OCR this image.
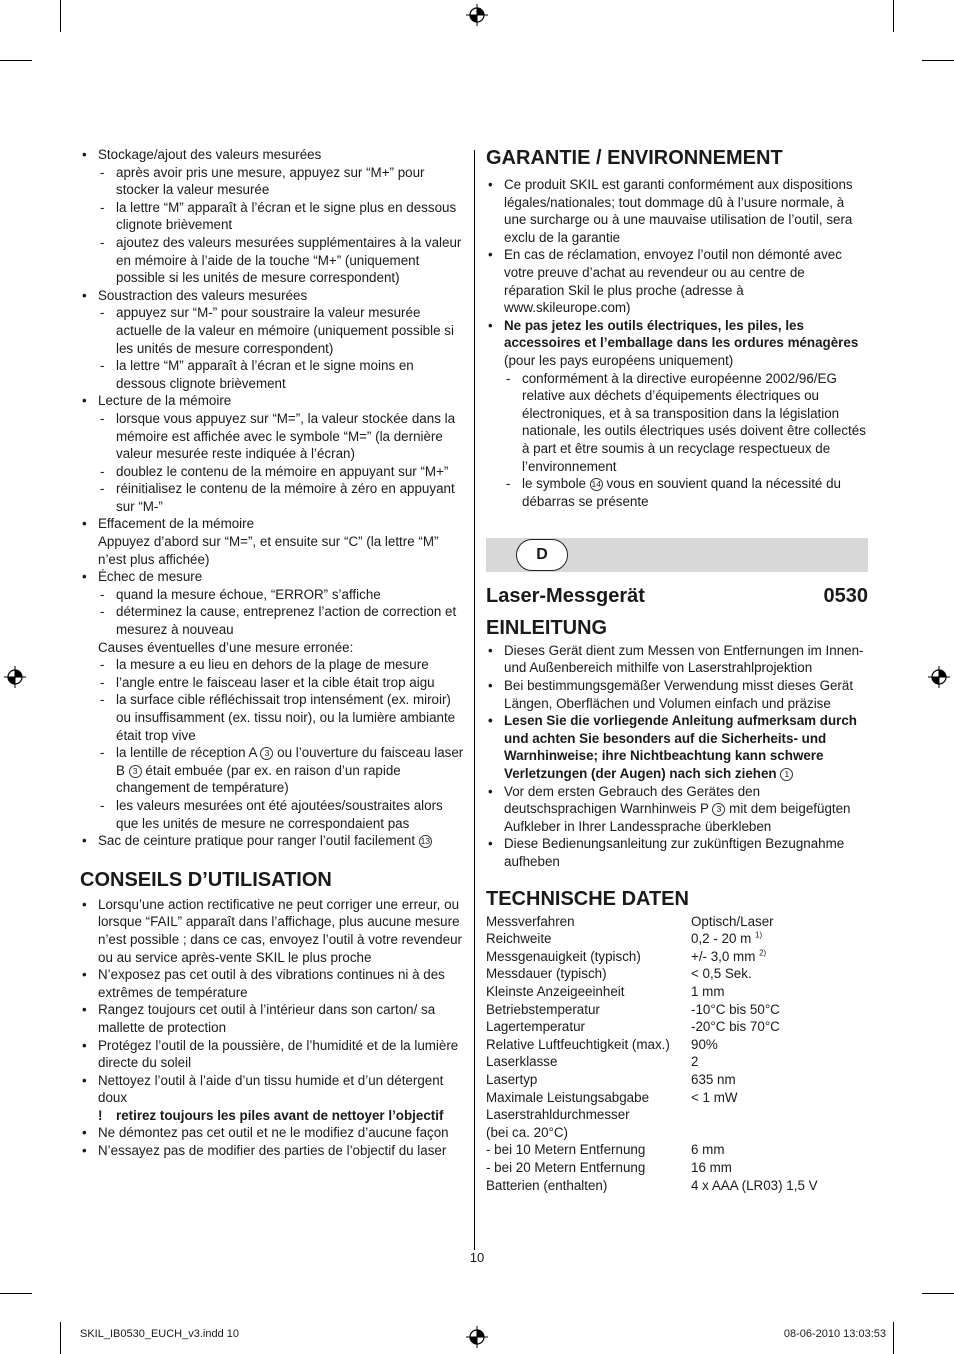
• Stockage/ajout des valeurs mesurées
- après avoir pris une mesure, appuyez sur “M+” pour stocker la valeur mesurée
- la lettre “M” apparaît à l’écran et le signe plus en dessous clignote brièvement
- ajoutez des valeurs mesurées supplémentaires à la valeur en mémoire à l’aide de la touche “M+” (uniquement possible si les unités de mesure correspondent)
• Soustraction des valeurs mesurées
- appuyez sur “M-” pour soustraire la valeur mesurée actuelle de la valeur en mémoire (uniquement possible si les unités de mesure correspondent)
- la lettre “M” apparaît à l’écran et le signe moins en dessous clignote brièvement
• Lecture de la mémoire
- lorsque vous appuyez sur “M=”, la valeur stockée dans la mémoire est affichée avec le symbole “M=” (la dernière valeur mesurée reste indiquée à l’écran)
- doublez le contenu de la mémoire en appuyant sur “M+”
- réinitialisez le contenu de la mémoire à zéro en appuyant sur “M-”
• Effacement de la mémoire
Appuyez d’abord sur “M=”, et ensuite sur “C” (la lettre “M” n’est plus affichée)
• Échec de mesure
- quand la mesure échoue, “ERROR” s’affiche
- déterminez la cause, entreprenez l’action de correction et mesurez à nouveau
Causes éventuelles d’une mesure erronée:
- la mesure a eu lieu en dehors de la plage de mesure
- l’angle entre le faisceau laser et la cible était trop aigu
- la surface cible réfléchissait trop intensément (ex. miroir) ou insuffisamment (ex. tissu noir), ou la lumière ambiante était trop vive
- la lentille de réception A 3 ou l’ouverture du faisceau laser B 3 était embuée (par ex. en raison d’un rapide changement de température)
- les valeurs mesurées ont été ajoutées/soustraites alors que les unités de mesure ne correspondaient pas
• Sac de ceinture pratique pour ranger l’outil facilement 13
CONSEILS D’UTILISATION
• Lorsqu’une action rectificative ne peut corriger une erreur, ou lorsque “FAIL” apparaît dans l’affichage, plus aucune mesure n’est possible ; dans ce cas, envoyez l’outil à votre revendeur ou au service après-vente SKIL le plus proche
• N’exposez pas cet outil à des vibrations continues ni à des extrêmes de température
• Rangez toujours cet outil à l’intérieur dans son carton/ sa mallette de protection
• Protégez l’outil de la poussière, de l’humidité et de la lumière directe du soleil
• Nettoyez l’outil à l’aide d’un tissu humide et d’un détergent doux
! retirez toujours les piles avant de nettoyer l’objectif
• Ne démontez pas cet outil et ne le modifiez d’aucune façon
• N’essayez pas de modifier des parties de l’objectif du laser
GARANTIE / ENVIRONNEMENT
• Ce produit SKIL est garanti conformément aux dispositions légales/nationales; tout dommage dû à l’usure normale, à une surcharge ou à une mauvaise utilisation de l’outil, sera exclu de la garantie
• En cas de réclamation, envoyez l’outil non démonté avec votre preuve d’achat au revendeur ou au centre de réparation Skil le plus proche (adresse à www.skileurope.com)
• Ne pas jetez les outils électriques, les piles, les accessoires et l’emballage dans les ordures ménagères (pour les pays européens uniquement)
- conformément à la directive européenne 2002/96/EG relative aux déchets d’équipements électriques ou électroniques, et à sa transposition dans la législation nationale, les outils électriques usés doivent être collectés à part et être soumis à un recyclage respectueux de l’environnement
- le symbole 14 vous en souvient quand la nécessité du débarras se présente
D
Laser-Messgerät	0530
EINLEITUNG
• Dieses Gerät dient zum Messen von Entfernungen im Innen- und Außenbereich mithilfe von Laserstrahlprojektion
• Bei bestimmungsgemäßer Verwendung misst dieses Gerät Längen, Oberflächen und Volumen einfach und präzise
• Lesen Sie die vorliegende Anleitung aufmerksam durch und achten Sie besonders auf die Sicherheits- und Warnhinweise; ihre Nichtbeachtung kann schwere Verletzungen (der Augen) nach sich ziehen 1
• Vor dem ersten Gebrauch des Gerätes den deutschsprachigen Warnhinweis P 3 mit dem beigefügten Aufkleber in Ihrer Landessprache überkleben
• Diese Bedienungsanleitung zur zukünftigen Bezugnahme aufheben
TECHNISCHE DATEN
Messverfahren	Optisch/Laser
Reichweite	0,2 - 20 m $^{1)}$
Messgenauigkeit (typisch)	+/- 3,0 mm $^{2)}$
Messdauer (typisch)	< 0,5 Sek.
Kleinste Anzeigeeinheit	1 mm
Betriebstemperatur	-10°C bis 50°C
Lagertemperatur	-20°C bis 70°C
Relative Luftfeuchtigkeit (max.)	90%
Laserklasse	2
Lasertyp	635 nm
Maximale Leistungsabgabe	< 1 mW
Laserstrahldurchmesser	
(bei ca. 20°C)	
- bei 10 Metern Entfernung	6 mm
- bei 20 Metern Entfernung	16 mm
Batterien (enthalten)	4 x AAA (LR03) 1,5 V
10
SKIL_IB0530_EUCH_v3.indd 10	08-06-2010 13:03:53
